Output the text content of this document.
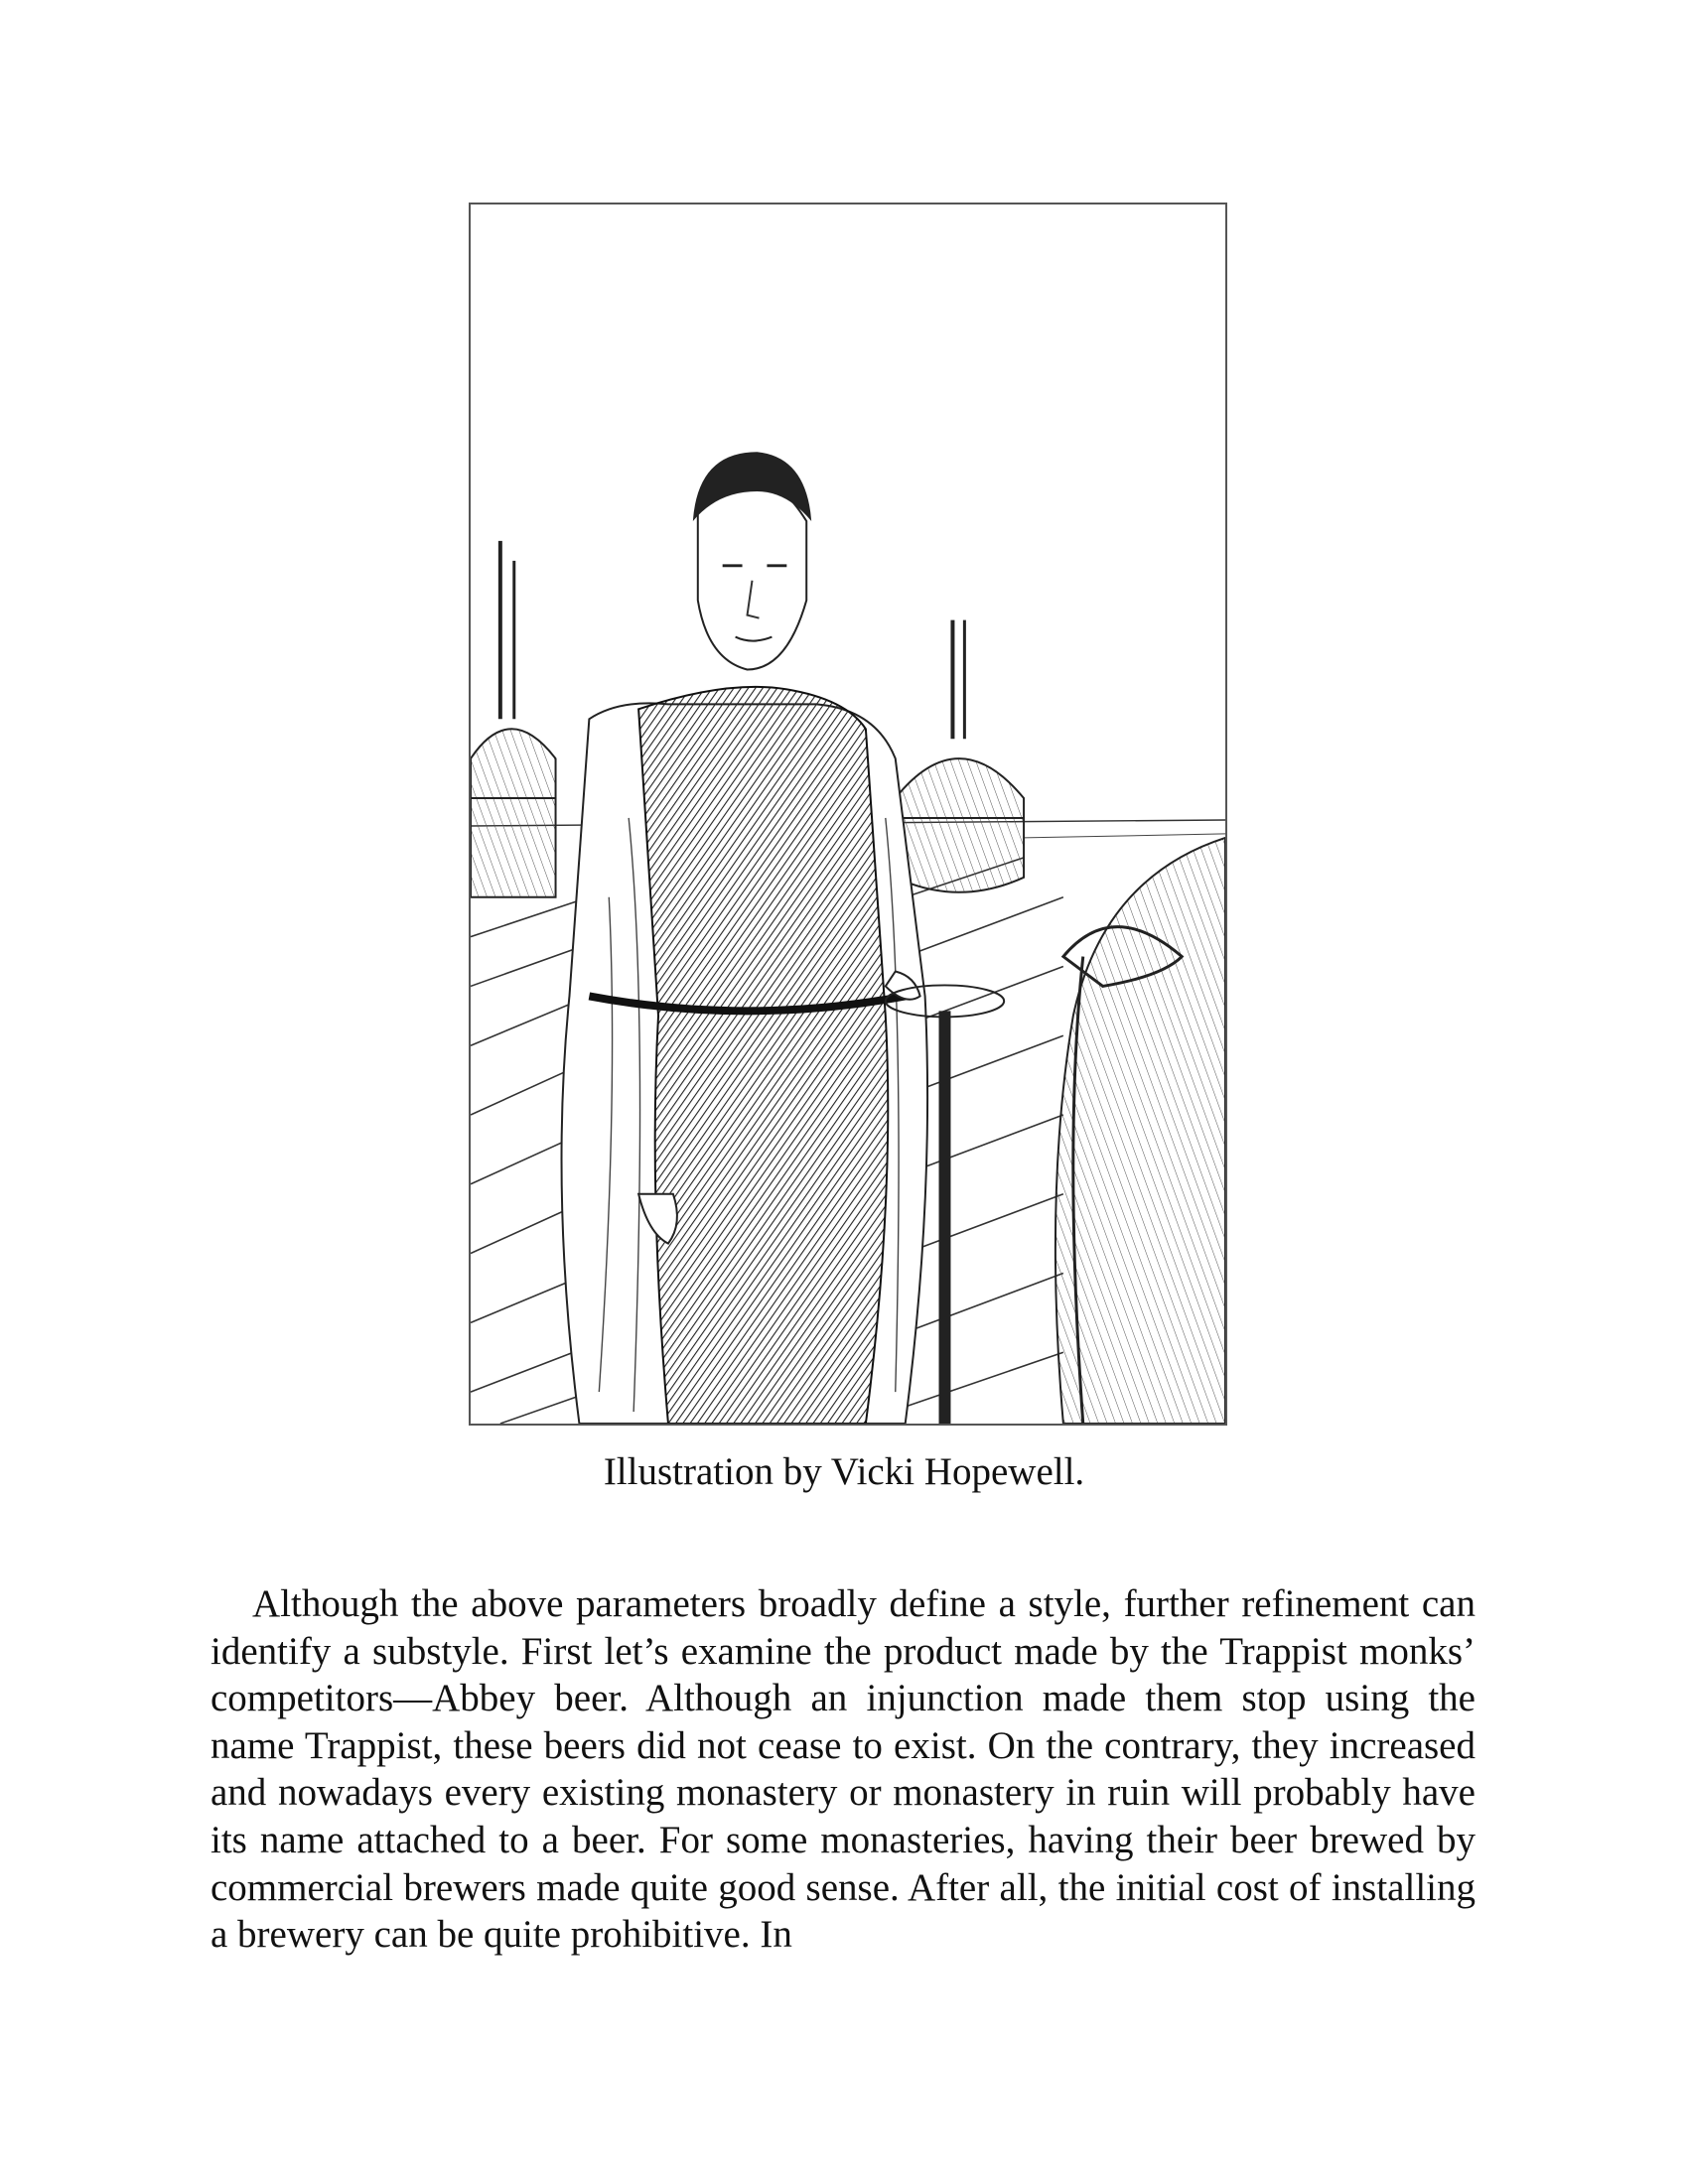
Illustration by Vicki Hopewell.

Although the above parameters broadly define a style, further refinement can identify a substyle. First let’s examine the product made by the Trappist monks’ competitors—Abbey beer. Although an injunction made them stop using the name Trappist, these beers did not cease to exist. On the contrary, they increased and nowadays every existing monastery or monastery in ruin will probably have its name attached to a beer. For some monasteries, having their beer brewed by commercial brewers made quite good sense. After all, the initial cost of installing a brewery can be quite prohibitive. In
